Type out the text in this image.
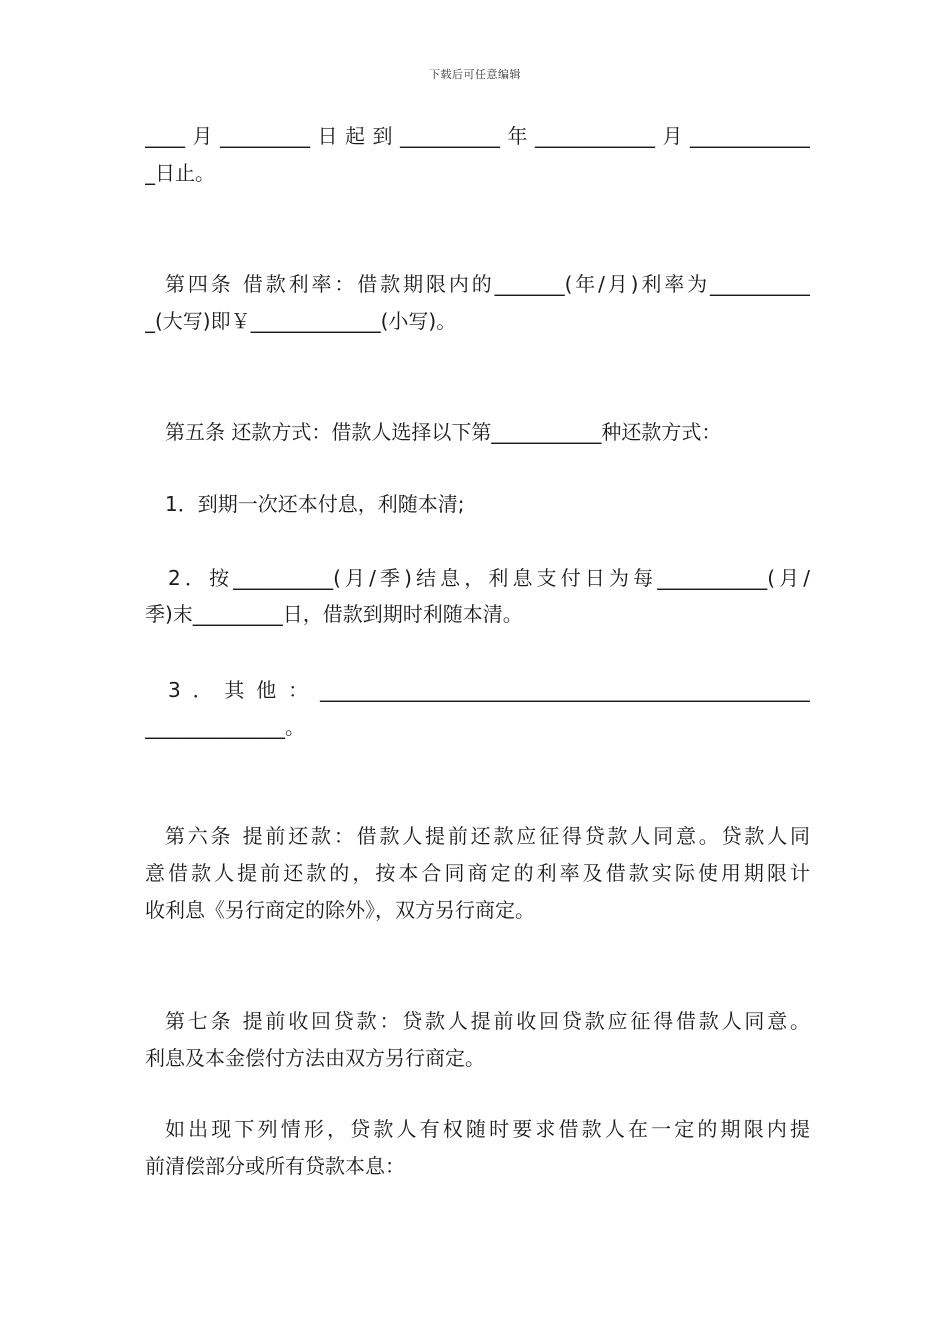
下载后可任意编辑
____月_________日起到__________年____________月____________
_日止。
第四条 借款利率：借款期限内的_______(年/月)利率为__________
_(大写)即￥_____________(小写)。
第五条 还款方式：借款人选择以下第___________种还款方式：
1．到期一次还本付息，利随本清;
2．按__________(月/季)结息，利息支付日为每___________(月/
季)末_________日，借款到期时利随本清。
3．其他：_________________________________________________
______________。
第六条 提前还款：借款人提前还款应征得贷款人同意。贷款人同
意借款人提前还款的，按本合同商定的利率及借款实际使用期限计
收利息《另行商定的除外》，双方另行商定。
第七条 提前收回贷款：贷款人提前收回贷款应征得借款人同意。
利息及本金偿付方法由双方另行商定。
如出现下列情形，贷款人有权随时要求借款人在一定的期限内提
前清偿部分或所有贷款本息：
